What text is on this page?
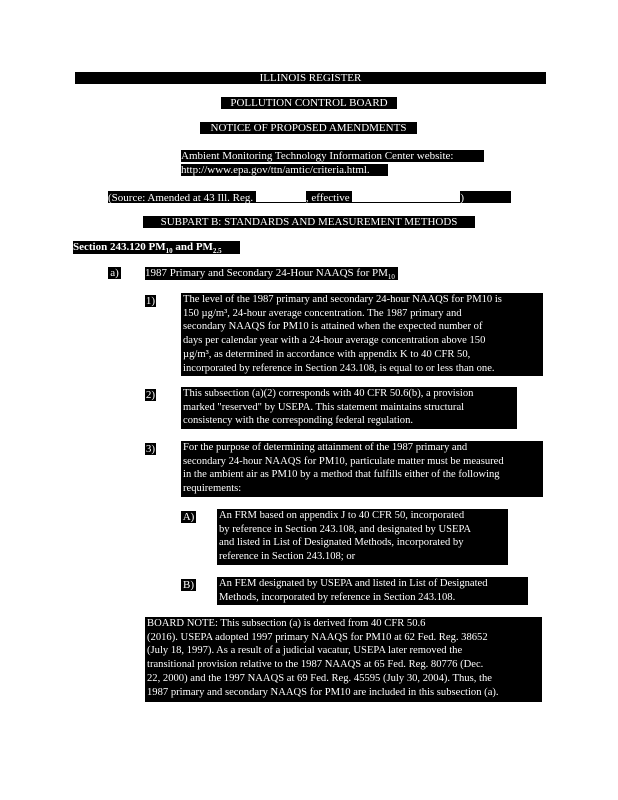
ILLINOIS REGISTER
POLLUTION CONTROL BOARD
NOTICE OF PROPOSED AMENDMENTS
Ambient Monitoring Technology Information Center website:
http://www.epa.gov/ttn/amtic/criteria.html.
(Source: Amended at 43 Ill. Reg.	, effective	)
SUBPART B: STANDARDS AND MEASUREMENT METHODS
Section 243.120 $PM_{10}$ and $PM_{2.5}$
a) 1987 Primary and Secondary 24-Hour NAAQS for $PM_{10}$
1)	The level of the 1987 primary and secondary 24-hour NAAQS for PM10 is
150 µg/m³, 24-hour average concentration. The 1987 primary and
secondary NAAQS for PM10 is attained when the expected number of
days per calendar year with a 24-hour average concentration above 150
µg/m³, as determined in accordance with appendix K to 40 CFR 50,
incorporated by reference in Section 243.108, is equal to or less than one.
2)	This subsection (a)(2) corresponds with 40 CFR 50.6(b), a provision
marked "reserved" by USEPA. This statement maintains structural
consistency with the corresponding federal regulation.
3)	For the purpose of determining attainment of the 1987 primary and
secondary 24-hour NAAQS for PM10, particulate matter must be measured
in the ambient air as PM10 by a method that fulfills either of the following
requirements:
A) An FRM based on appendix J to 40 CFR 50, incorporated
by reference in Section 243.108, and designated by USEPA
and listed in List of Designated Methods, incorporated by
reference in Section 243.108; or
B) An FEM designated by USEPA and listed in List of Designated
Methods, incorporated by reference in Section 243.108.
BOARD NOTE: This subsection (a) is derived from 40 CFR 50.6
(2016). USEPA adopted 1997 primary NAAQS for PM10 at 62 Fed. Reg. 38652
(July 18, 1997). As a result of a judicial vacatur, USEPA later removed the
transitional provision relative to the 1987 NAAQS at 65 Fed. Reg. 80776 (Dec.
22, 2000) and the 1997 NAAQS at 69 Fed. Reg. 45595 (July 30, 2004). Thus, the
1987 primary and secondary NAAQS for PM10 are included in this subsection (a).
